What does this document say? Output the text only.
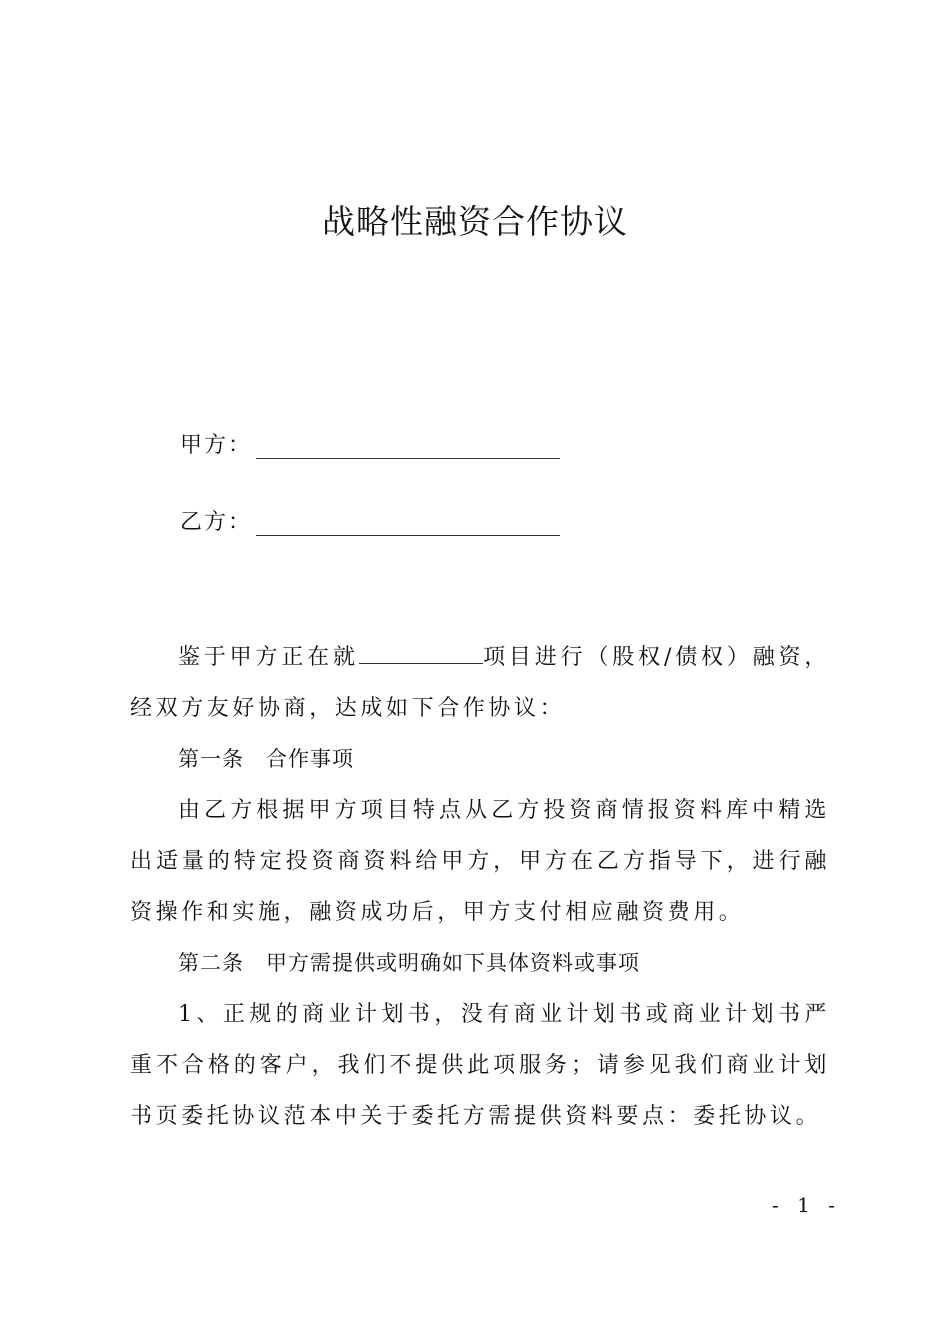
战略性融资合作协议
甲方：
乙方：

鉴于甲方正在就	项目进行（股权/债权）融资，经双方友好协商，达成如下合作协议：

第一条 合作事项

由乙方根据甲方项目特点从乙方投资商情报资料库中精选出适量的特定投资商资料给甲方，甲方在乙方指导下，进行融资操作和实施，融资成功后，甲方支付相应融资费用。

第二条 甲方需提供或明确如下具体资料或事项

1、正规的商业计划书，没有商业计划书或商业计划书严重不合格的客户，我们不提供此项服务；请参见我们商业计划书页委托协议范本中关于委托方需提供资料要点：委托协议。

- 1 -
